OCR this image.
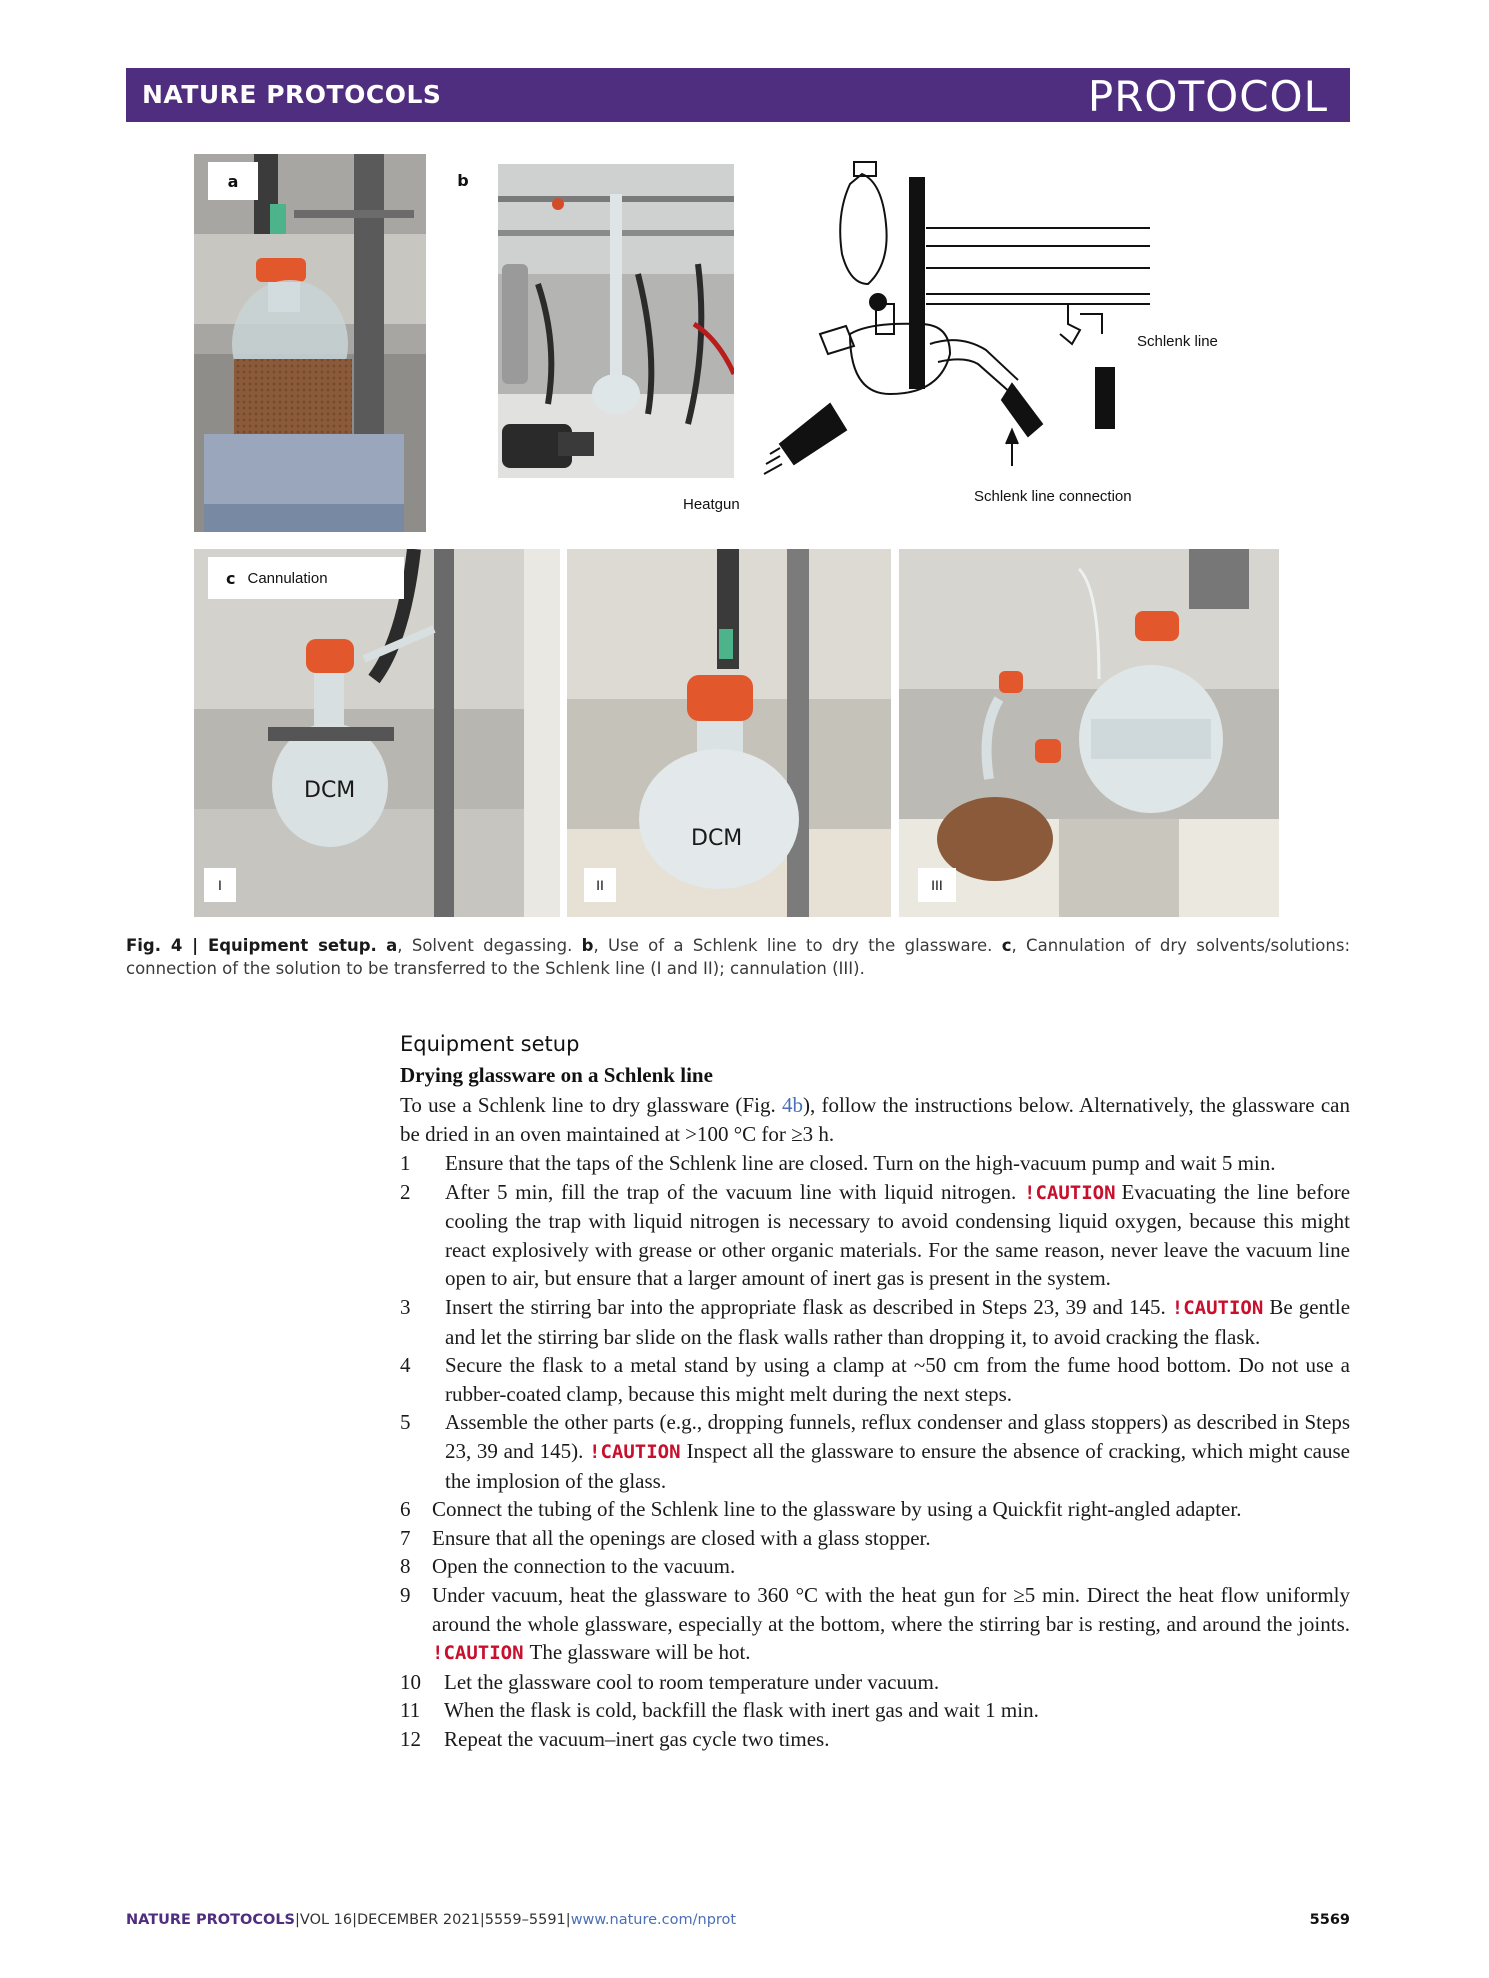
NATURE PROTOCOLS	PROTOCOL
a	b
Schlenk line
Heatgun	Schlenk line connection
DCM
c Cannulation
I
DCM
II	III
Fig. 4 | Equipment setup. a, Solvent degassing. b, Use of a Schlenk line to dry the glassware. c, Cannulation of dry solvents/solutions: connection of the solution to be transferred to the Schlenk line (I and II); cannulation (III).
Equipment setup
Drying glassware on a Schlenk line
To use a Schlenk line to dry glassware (Fig. 4b), follow the instructions below. Alternatively, the glassware can be dried in an oven maintained at >100 °C for ≥3 h.
1	Ensure that the taps of the Schlenk line are closed. Turn on the high-vacuum pump and wait 5 min.
2	After 5 min, fill the trap of the vacuum line with liquid nitrogen. !CAUTION Evacuating the line before cooling the trap with liquid nitrogen is necessary to avoid condensing liquid oxygen, because this might react explosively with grease or other organic materials. For the same reason, never leave the vacuum line open to air, but ensure that a larger amount of inert gas is present in the system.
3	Insert the stirring bar into the appropriate flask as described in Steps 23, 39 and 145. !CAUTION Be gentle and let the stirring bar slide on the flask walls rather than dropping it, to avoid cracking the flask.
4	Secure the flask to a metal stand by using a clamp at ~50 cm from the fume hood bottom. Do not use a rubber-coated clamp, because this might melt during the next steps.
5	Assemble the other parts (e.g., dropping funnels, reflux condenser and glass stoppers) as described in Steps 23, 39 and 145). !CAUTION Inspect all the glassware to ensure the absence of cracking, which might cause the implosion of the glass.
6	Connect the tubing of the Schlenk line to the glassware by using a Quickfit right-angled adapter.
7	Ensure that all the openings are closed with a glass stopper.
8	Open the connection to the vacuum.
9	Under vacuum, heat the glassware to 360 °C with the heat gun for ≥5 min. Direct the heat flow uniformly around the whole glassware, especially at the bottom, where the stirring bar is resting, and around the joints. !CAUTION The glassware will be hot.
10	Let the glassware cool to room temperature under vacuum.
11	When the flask is cold, backfill the flask with inert gas and wait 1 min.
12	Repeat the vacuum–inert gas cycle two times.
NATURE PROTOCOLS|VOL 16|DECEMBER 2021|5559–5591|www.nature.com/nprot	5569
